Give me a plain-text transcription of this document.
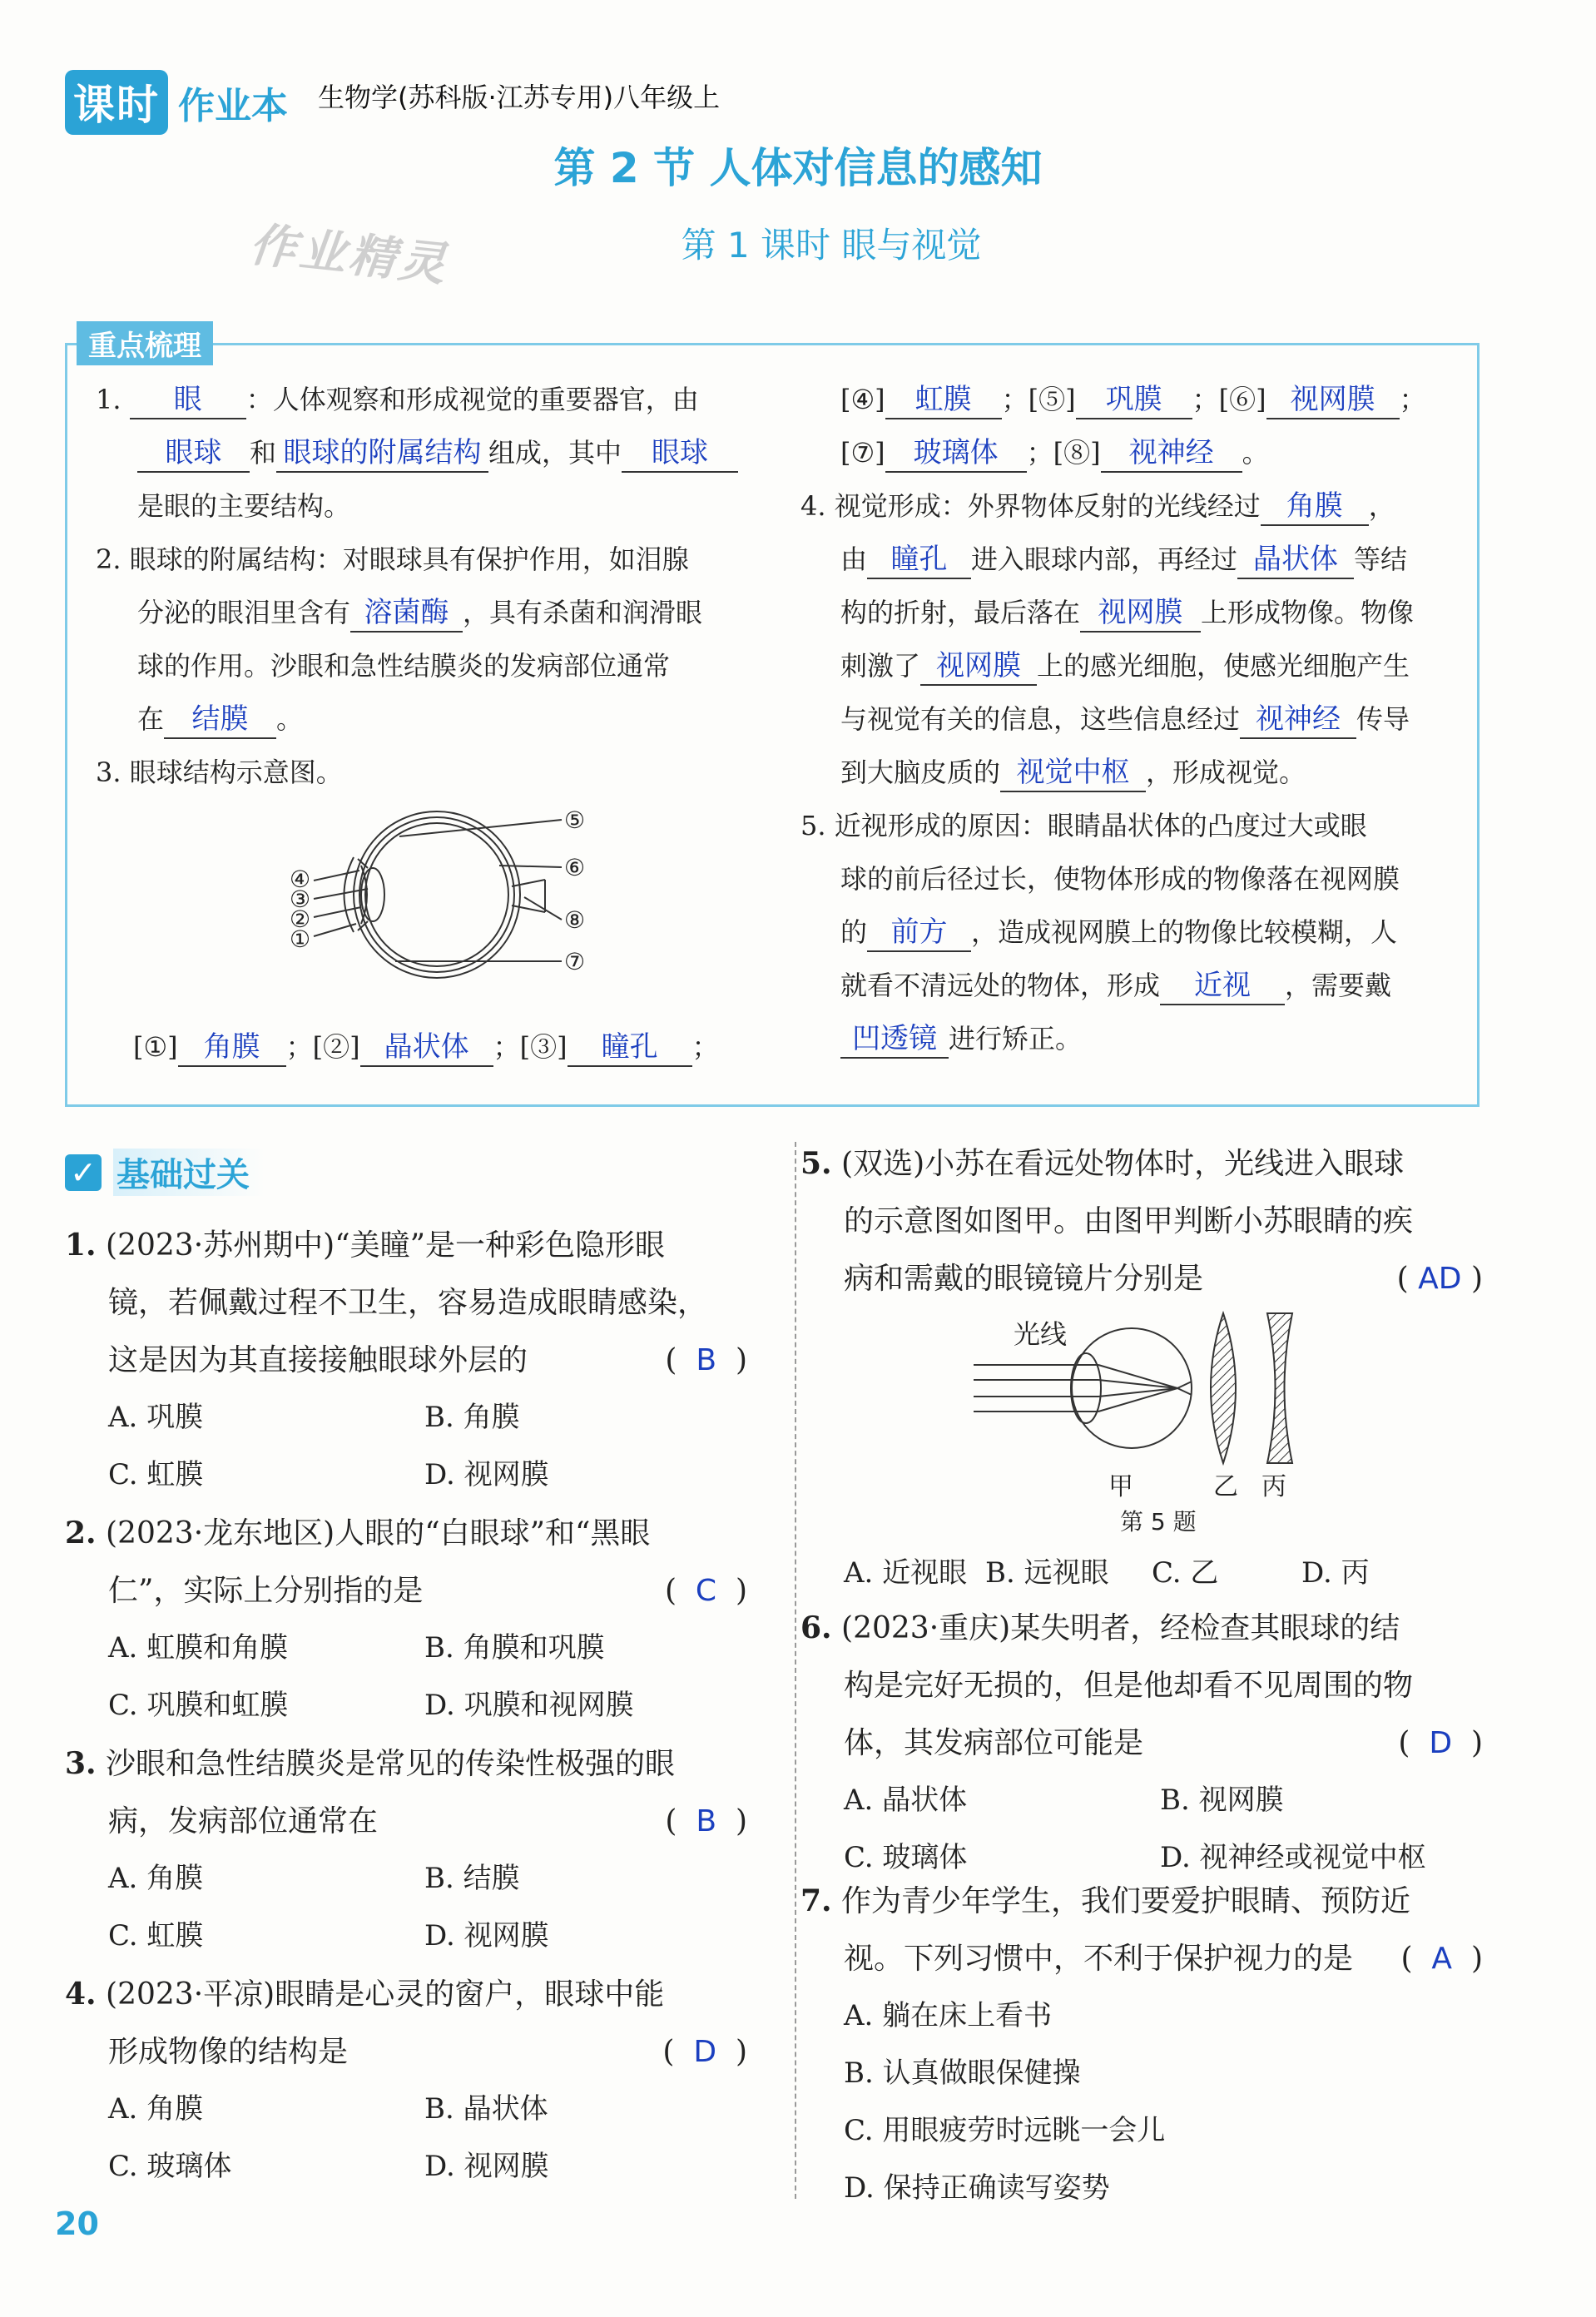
课时 作业本 生物学(苏科版·江苏专用)八年级上
第 2 节 人体对信息的感知
第 1 课时 眼与视觉
作业精灵
重点梳理
1. 眼 ：人体观察和形成视觉的重要器官，由
眼球 和 眼球的附属结构 组成，其中 眼球
是眼的主要结构。
2. 眼球的附属结构：对眼球具有保护作用，如泪腺
分泌的眼泪里含有 溶菌酶 ，具有杀菌和润滑眼
球的作用。沙眼和急性结膜炎的发病部位通常
在 结膜 。
3. 眼球结构示意图。
④
③
②
①
⑤
⑥
⑧
⑦
[①] 角膜 ；[②] 晶状体 ；[③] 瞳孔 ；
[④] 虹膜 ；[⑤] 巩膜 ；[⑥] 视网膜 ；
[⑦] 玻璃体 ；[⑧] 视神经 。
4. 视觉形成：外界物体反射的光线经过 角膜 ，
由 瞳孔 进入眼球内部，再经过 晶状体 等结
构的折射，最后落在 视网膜 上形成物像。物像
刺激了 视网膜 上的感光细胞，使感光细胞产生
与视觉有关的信息，这些信息经过 视神经 传导
到大脑皮质的 视觉中枢 ，形成视觉。
5. 近视形成的原因：眼睛晶状体的凸度过大或眼
球的前后径过长，使物体形成的物像落在视网膜
的 前方 ，造成视网膜上的物像比较模糊，人
就看不清远处的物体，形成 近视 ，需要戴
凹透镜 进行矫正。
✓ 基础过关
1. (2023·苏州期中)“美瞳”是一种彩色隐形眼
镜，若佩戴过程不卫生，容易造成眼睛感染，
这是因为其直接接触眼球外层的	( B )
A. 巩膜	B. 角膜
C. 虹膜	D. 视网膜
2. (2023·龙东地区)人眼的“白眼球”和“黑眼
仁”，实际上分别指的是	( C )
A. 虹膜和角膜	B. 角膜和巩膜
C. 巩膜和虹膜	D. 巩膜和视网膜
3. 沙眼和急性结膜炎是常见的传染性极强的眼
病，发病部位通常在	( B )
A. 角膜	B. 结膜
C. 虹膜	D. 视网膜
4. (2023·平凉)眼睛是心灵的窗户，眼球中能
形成物像的结构是	( D )
A. 角膜	B. 晶状体
C. 玻璃体	D. 视网膜
5. (双选)小苏在看远处物体时，光线进入眼球
的示意图如图甲。由图甲判断小苏眼睛的疾
病和需戴的眼镜镜片分别是	( AD )
光线
甲	乙 丙
第 5 题
A. 近视眼 B. 远视眼	C. 乙	D. 丙
6. (2023·重庆)某失明者，经检查其眼球的结
构是完好无损的，但是他却看不见周围的物
体，其发病部位可能是	( D )
A. 晶状体	B. 视网膜
C. 玻璃体	D. 视神经或视觉中枢
7. 作为青少年学生，我们要爱护眼睛、预防近
视。下列习惯中，不利于保护视力的是 ( A )
A. 躺在床上看书
B. 认真做眼保健操
C. 用眼疲劳时远眺一会儿
D. 保持正确读写姿势
20
